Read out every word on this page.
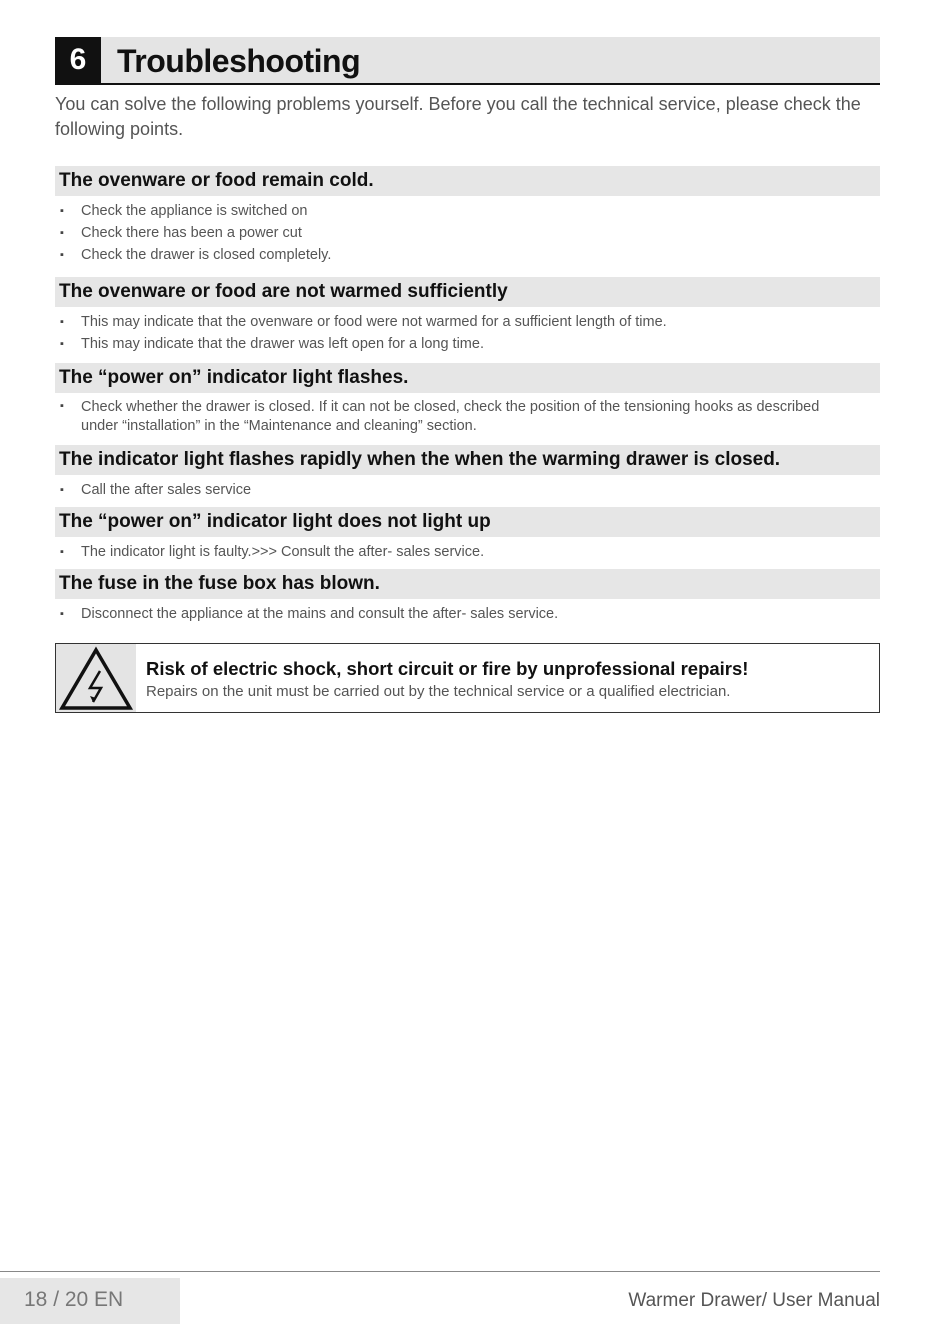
6 Troubleshooting
You can solve the following problems yourself. Before you call the technical service, please check the following points.
The ovenware or food remain cold.
▪ Check the appliance is switched on
▪ Check there has been a power cut
▪ Check the drawer is closed completely.
The ovenware or food are not warmed sufficiently
▪ This may indicate that the ovenware or food were not warmed for a sufficient length of time.
▪ This may indicate that the drawer was left open for a long time.
The “power on” indicator light flashes.
▪ Check whether the drawer is closed. If it can not be closed, check the position of the tensioning hooks as described under “installation” in the “Maintenance and cleaning” section.
The indicator light flashes rapidly when the when the warming drawer is closed.
▪ Call the after sales service
The “power on” indicator light does not light up
▪ The indicator light is faulty.>>> Consult the after- sales service.
The fuse in the fuse box has blown.
▪ Disconnect the appliance at the mains and consult the after- sales service.
Risk of electric shock, short circuit or fire by unprofessional repairs!
Repairs on the unit must be carried out by the technical service or a qualified electrician.
18 / 20 EN	Warmer Drawer/ User Manual
